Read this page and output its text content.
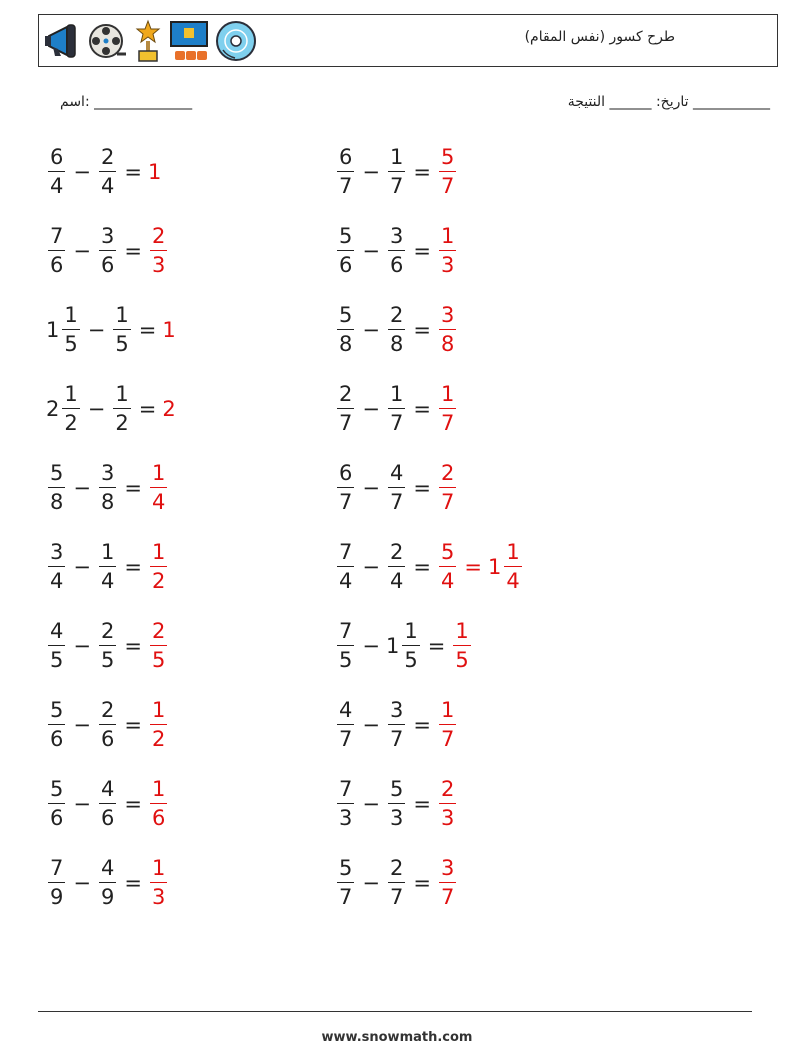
طرح كسور (نفس المقام)
اسم: ______________	تاريخ: ______ النتيجة ___________
$\frac{6}{4} - \frac{2}{4} = 1$	$\frac{6}{7} - \frac{1}{7} = \frac{5}{7}$
$\frac{7}{6} - \frac{3}{6} = \frac{2}{3}$	$\frac{5}{6} - \frac{3}{6} = \frac{1}{3}$
$1 \frac{1}{5} - \frac{1}{5} = 1$	$\frac{5}{8} - \frac{2}{8} = \frac{3}{8}$
$2 \frac{1}{2} - \frac{1}{2} = 2$	$\frac{2}{7} - \frac{1}{7} = \frac{1}{7}$
$\frac{5}{8} - \frac{3}{8} = \frac{1}{4}$	$\frac{6}{7} - \frac{4}{7} = \frac{2}{7}$
$\frac{3}{4} - \frac{1}{4} = \frac{1}{2}$	$\frac{7}{4} - \frac{2}{4} = \frac{5}{4} = 1 \frac{1}{4}$
$\frac{4}{5} - \frac{2}{5} = \frac{2}{5}$	$\frac{7}{5} - 1 \frac{1}{5} = \frac{1}{5}$
$\frac{5}{6} - \frac{2}{6} = \frac{1}{2}$	$\frac{4}{7} - \frac{3}{7} = \frac{1}{7}$
$\frac{5}{6} - \frac{4}{6} = \frac{1}{6}$	$\frac{7}{3} - \frac{5}{3} = \frac{2}{3}$
$\frac{7}{9} - \frac{4}{9} = \frac{1}{3}$	$\frac{5}{7} - \frac{2}{7} = \frac{3}{7}$
www.snowmath.com
